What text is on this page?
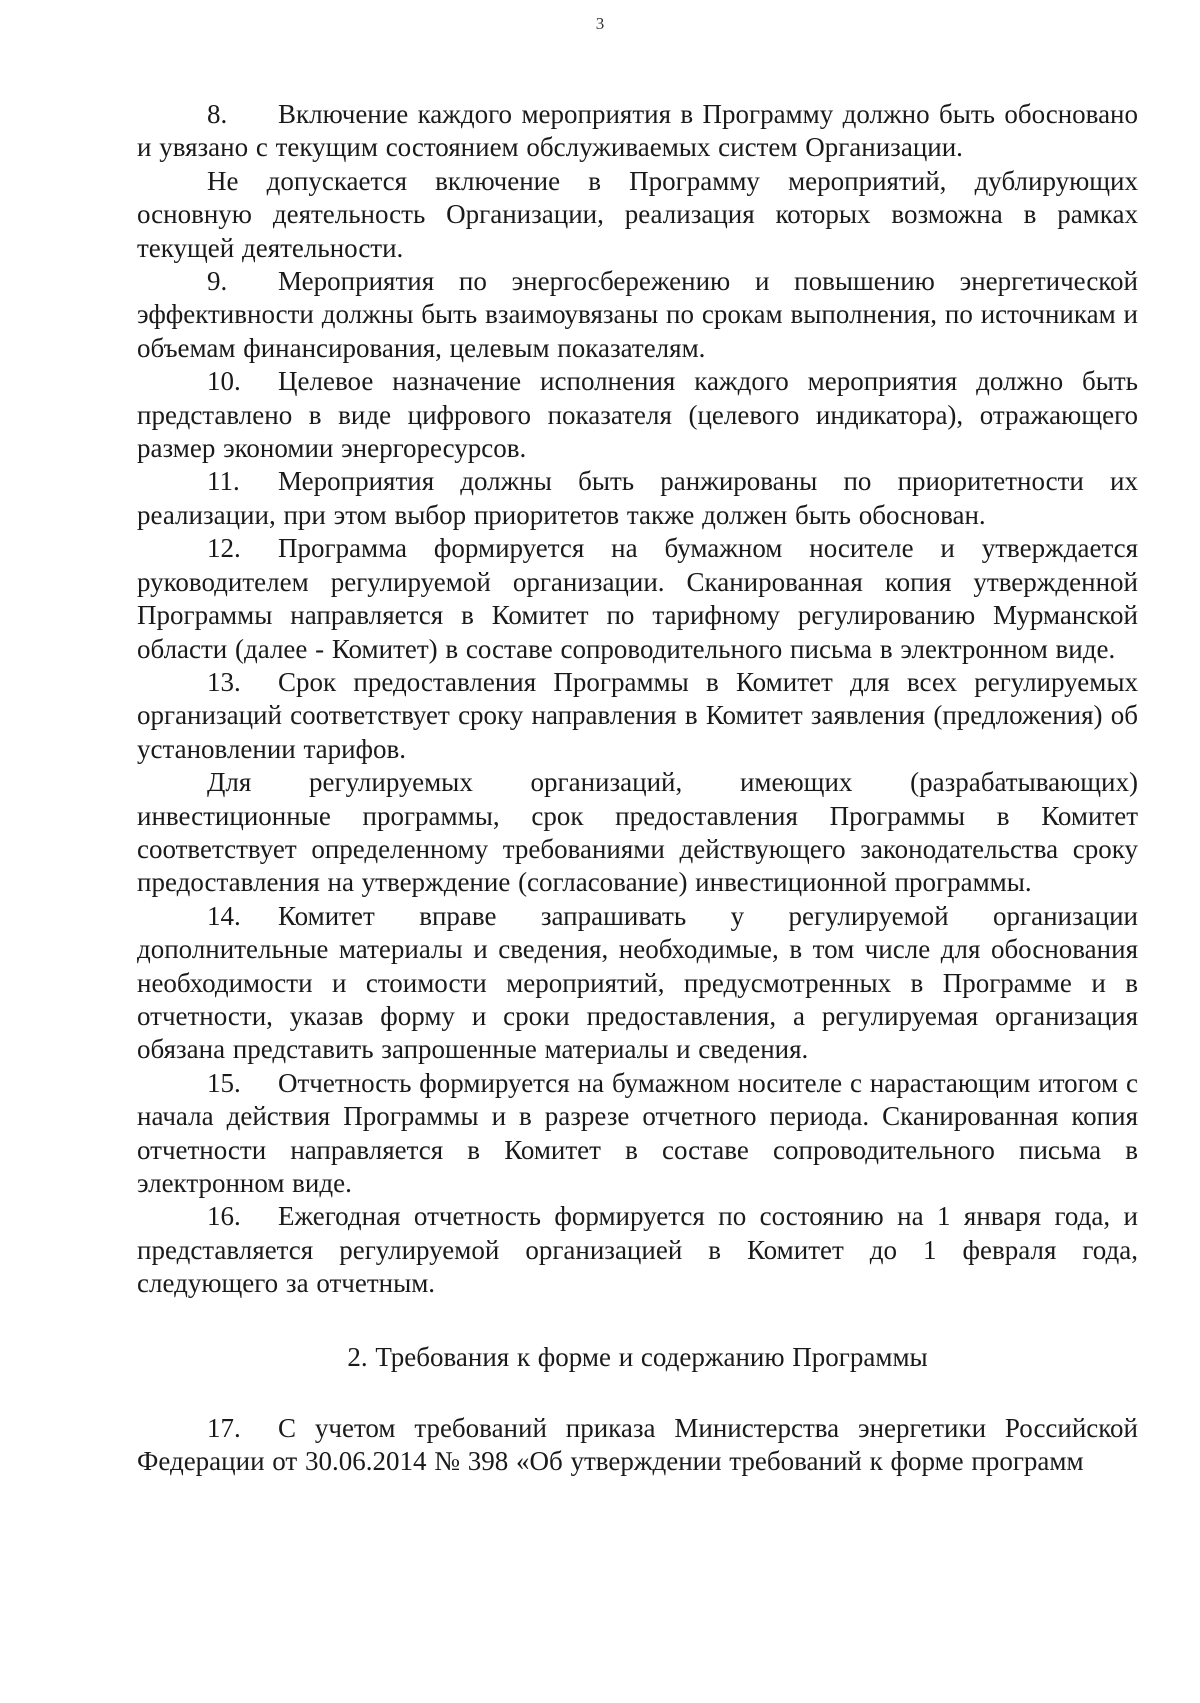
3

8. Включение каждого мероприятия в Программу должно быть обосновано и увязано с текущим состоянием обслуживаемых систем Организации.

Не допускается включение в Программу мероприятий, дублирующих основную деятельность Организации, реализация которых возможна в рамках текущей деятельности.

9. Мероприятия по энергосбережению и повышению энергетической эффективности должны быть взаимоувязаны по срокам выполнения, по источникам и объемам финансирования, целевым показателям.

10. Целевое назначение исполнения каждого мероприятия должно быть представлено в виде цифрового показателя (целевого индикатора), отражающего размер экономии энергоресурсов.

11. Мероприятия должны быть ранжированы по приоритетности их реализации, при этом выбор приоритетов также должен быть обоснован.

12. Программа формируется на бумажном носителе и утверждается руководителем регулируемой организации. Сканированная копия утвержденной Программы направляется в Комитет по тарифному регулированию Мурманской области (далее - Комитет) в составе сопроводительного письма в электронном виде.

13. Срок предоставления Программы в Комитет для всех регулируемых организаций соответствует сроку направления в Комитет заявления (предложения) об установлении тарифов.

Для регулируемых организаций, имеющих (разрабатывающих) инвестиционные программы, срок предоставления Программы в Комитет соответствует определенному требованиями действующего законодательства сроку предоставления на утверждение (согласование) инвестиционной программы.

14. Комитет вправе запрашивать у регулируемой организации дополнительные материалы и сведения, необходимые, в том числе для обоснования необходимости и стоимости мероприятий, предусмотренных в Программе и в отчетности, указав форму и сроки предоставления, а регулируемая организация обязана представить запрошенные материалы и сведения.

15. Отчетность формируется на бумажном носителе с нарастающим итогом с начала действия Программы и в разрезе отчетного периода. Сканированная копия отчетности направляется в Комитет в составе сопроводительного письма в электронном виде.

16. Ежегодная отчетность формируется по состоянию на 1 января года, и представляется регулируемой организацией в Комитет до 1 февраля года, следующего за отчетным.

2. Требования к форме и содержанию Программы

17. С учетом требований приказа Министерства энергетики Российской Федерации от 30.06.2014 № 398 «Об утверждении требований к форме программ
